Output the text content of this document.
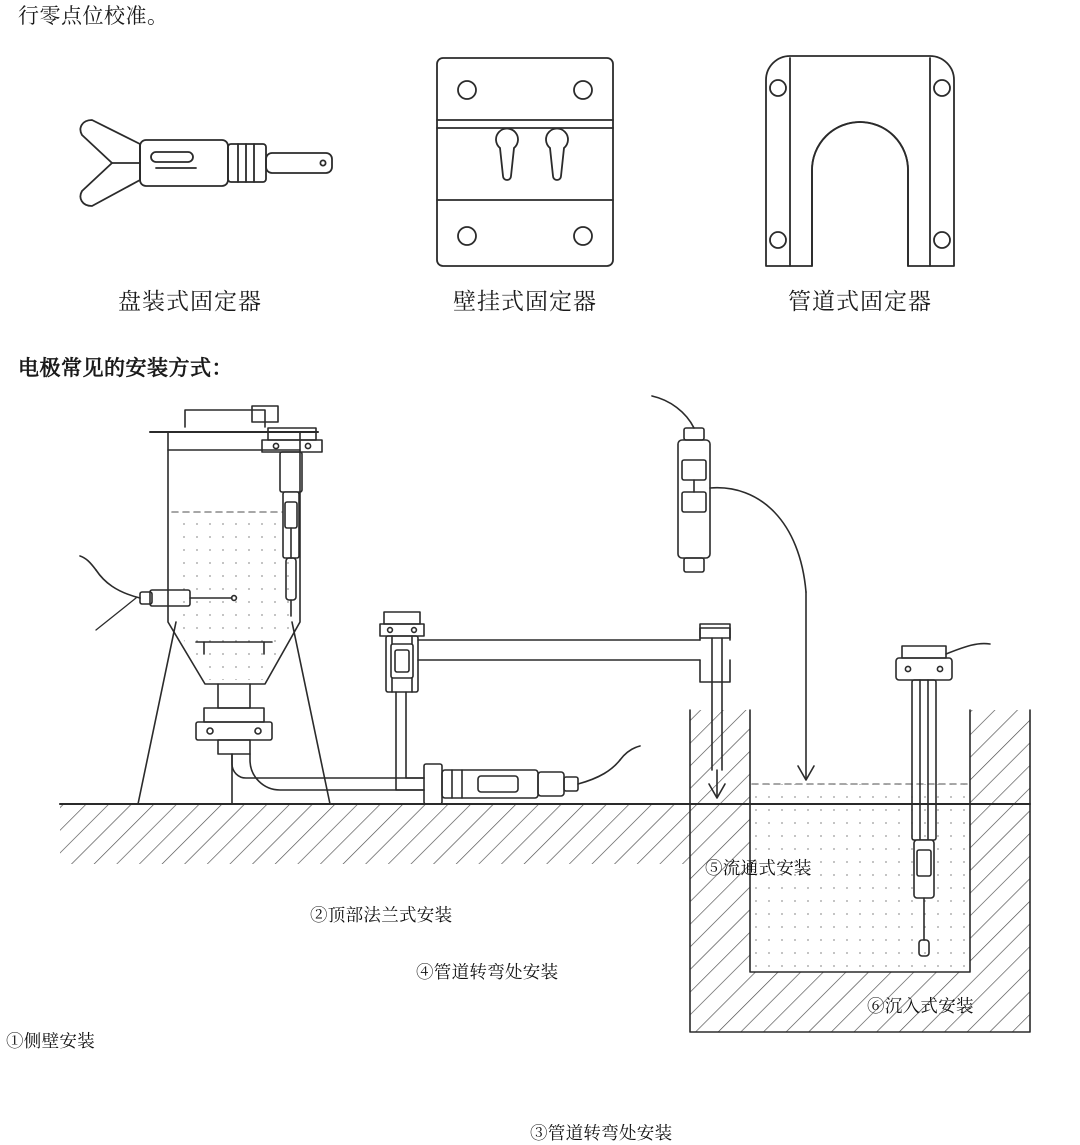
行零点位校准。
盘装式固定器	壁挂式固定器	管道式固定器
电极常见的安装方式：
①侧壁安装
②顶部法兰式安装
③管道转弯处安装
④管道转弯处安装
⑤流通式安装
⑥沉入式安装
